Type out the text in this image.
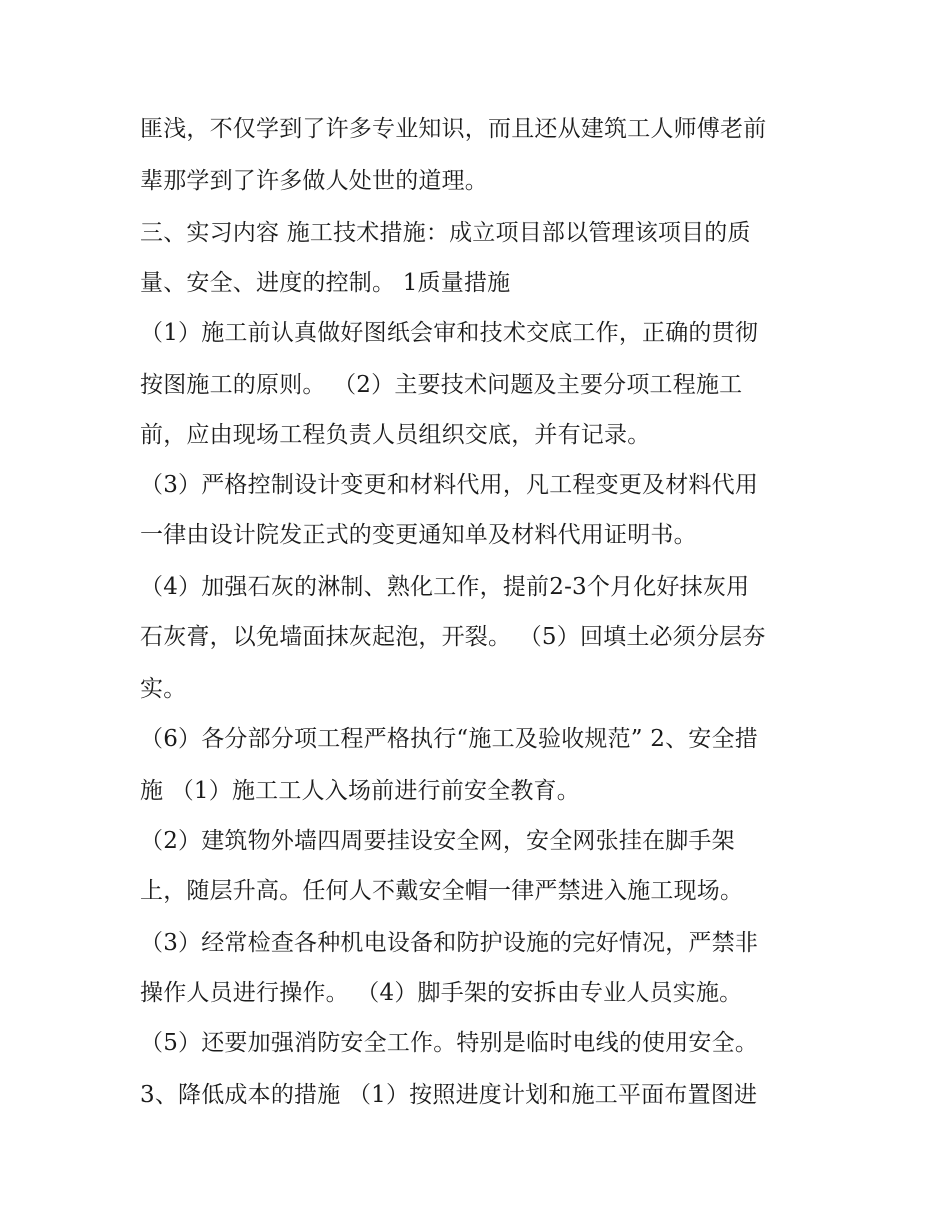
匪浅，不仅学到了许多专业知识，而且还从建筑工人师傅老前
辈那学到了许多做人处世的道理。
三、实习内容 施工技术措施：成立项目部以管理该项目的质
量、安全、进度的控制。 1质量措施
（1）施工前认真做好图纸会审和技术交底工作，正确的贯彻
按图施工的原则。 （2）主要技术问题及主要分项工程施工
前，应由现场工程负责人员组织交底，并有记录。
（3）严格控制设计变更和材料代用，凡工程变更及材料代用
一律由设计院发正式的变更通知单及材料代用证明书。
（4）加强石灰的淋制、熟化工作，提前2-3个月化好抹灰用
石灰膏，以免墙面抹灰起泡，开裂。 （5）回填土必须分层夯
实。
（6）各分部分项工程严格执行“施工及验收规范” 2、安全措
施 （1）施工工人入场前进行前安全教育。
（2）建筑物外墙四周要挂设安全网，安全网张挂在脚手架
上，随层升高。任何人不戴安全帽一律严禁进入施工现场。
（3）经常检查各种机电设备和防护设施的完好情况，严禁非
操作人员进行操作。 （4）脚手架的安拆由专业人员实施。
（5）还要加强消防安全工作。特别是临时电线的使用安全。
3、降低成本的措施 （1）按照进度计划和施工平面布置图进
